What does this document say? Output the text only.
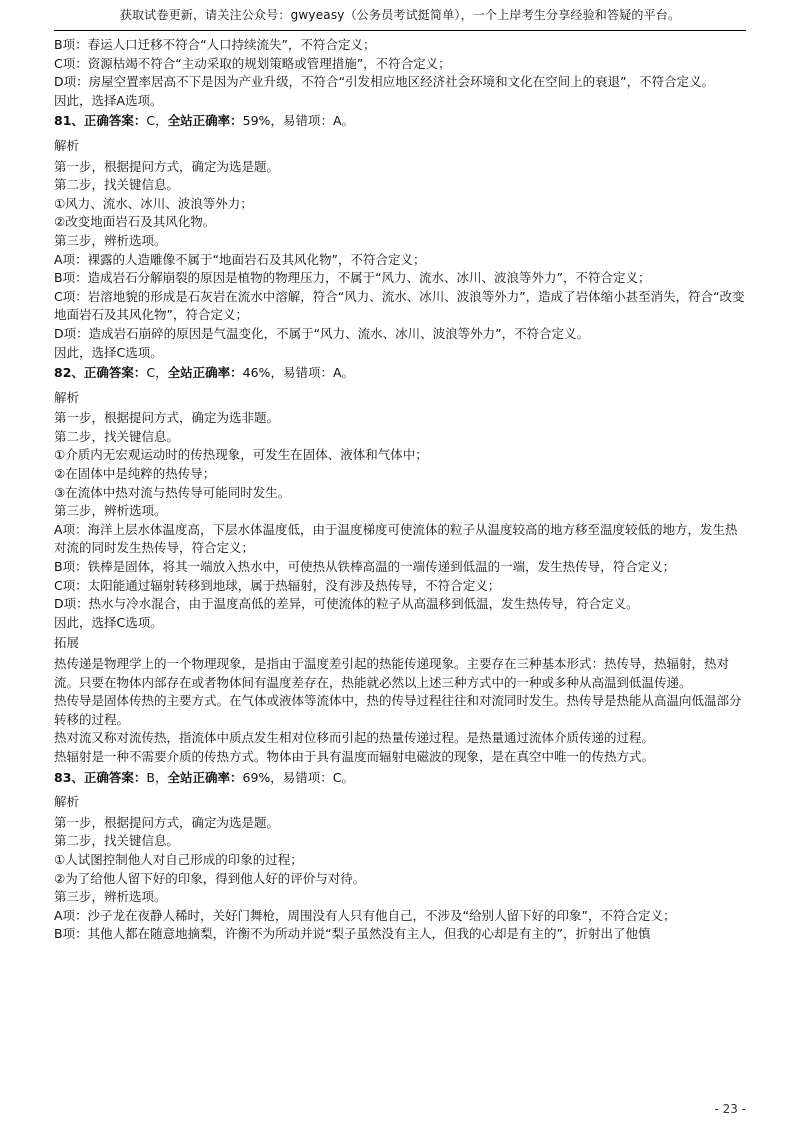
获取试卷更新，请关注公众号：gwyeasy（公务员考试挺简单），一个上岸考生分享经验和答疑的平台。

B项：春运人口迁移不符合“人口持续流失”，不符合定义；

C项：资源枯竭不符合“主动采取的规划策略或管理措施”，不符合定义；

D项：房屋空置率居高不下是因为产业升级，不符合“引发相应地区经济社会环境和文化在空间上的衰退”，不符合定义。

因此，选择A选项。

81、正确答案：C，全站正确率：59%，易错项：A。

解析

第一步，根据提问方式，确定为选是题。

第二步，找关键信息。

①风力、流水、冰川、波浪等外力；

②改变地面岩石及其风化物。

第三步，辨析选项。

A项：裸露的人造雕像不属于“地面岩石及其风化物”，不符合定义；

B项：造成岩石分解崩裂的原因是植物的物理压力，不属于“风力、流水、冰川、波浪等外力”，不符合定义；

C项：岩溶地貌的形成是石灰岩在流水中溶解，符合“风力、流水、冰川、波浪等外力”，造成了岩体缩小甚至消失，符合“改变地面岩石及其风化物”，符合定义；

D项：造成岩石崩碎的原因是气温变化，不属于“风力、流水、冰川、波浪等外力”，不符合定义。

因此，选择C选项。

82、正确答案：C，全站正确率：46%，易错项：A。

解析

第一步，根据提问方式，确定为选非题。

第二步，找关键信息。

①介质内无宏观运动时的传热现象，可发生在固体、液体和气体中；

②在固体中是纯粹的热传导；

③在流体中热对流与热传导可能同时发生。

第三步，辨析选项。

A项：海洋上层水体温度高，下层水体温度低，由于温度梯度可使流体的粒子从温度较高的地方移至温度较低的地方，发生热对流的同时发生热传导，符合定义；

B项：铁棒是固体，将其一端放入热水中，可使热从铁棒高温的一端传递到低温的一端，发生热传导，符合定义；

C项：太阳能通过辐射转移到地球，属于热辐射，没有涉及热传导，不符合定义；

D项：热水与冷水混合，由于温度高低的差异，可使流体的粒子从高温移到低温，发生热传导，符合定义。

因此，选择C选项。

拓展

热传递是物理学上的一个物理现象，是指由于温度差引起的热能传递现象。主要存在三种基本形式：热传导，热辐射，热对流。只要在物体内部存在或者物体间有温度差存在，热能就必然以上述三种方式中的一种或多种从高温到低温传递。

热传导是固体传热的主要方式。在气体或液体等流体中，热的传导过程往往和对流同时发生。热传导是热能从高温向低温部分转移的过程。

热对流又称对流传热，指流体中质点发生相对位移而引起的热量传递过程。是热量通过流体介质传递的过程。

热辐射是一种不需要介质的传热方式。物体由于具有温度而辐射电磁波的现象，是在真空中唯一的传热方式。

83、正确答案：B，全站正确率：69%，易错项：C。

解析

第一步，根据提问方式，确定为选是题。

第二步，找关键信息。

①人试图控制他人对自己形成的印象的过程；

②为了给他人留下好的印象，得到他人好的评价与对待。

第三步，辨析选项。

A项：沙子龙在夜静人稀时，关好门舞枪，周围没有人只有他自己，不涉及“给别人留下好的印象”，不符合定义；

B项：其他人都在随意地摘梨，许衡不为所动并说“梨子虽然没有主人，但我的心却是有主的”，折射出了他慎

- 23 -
